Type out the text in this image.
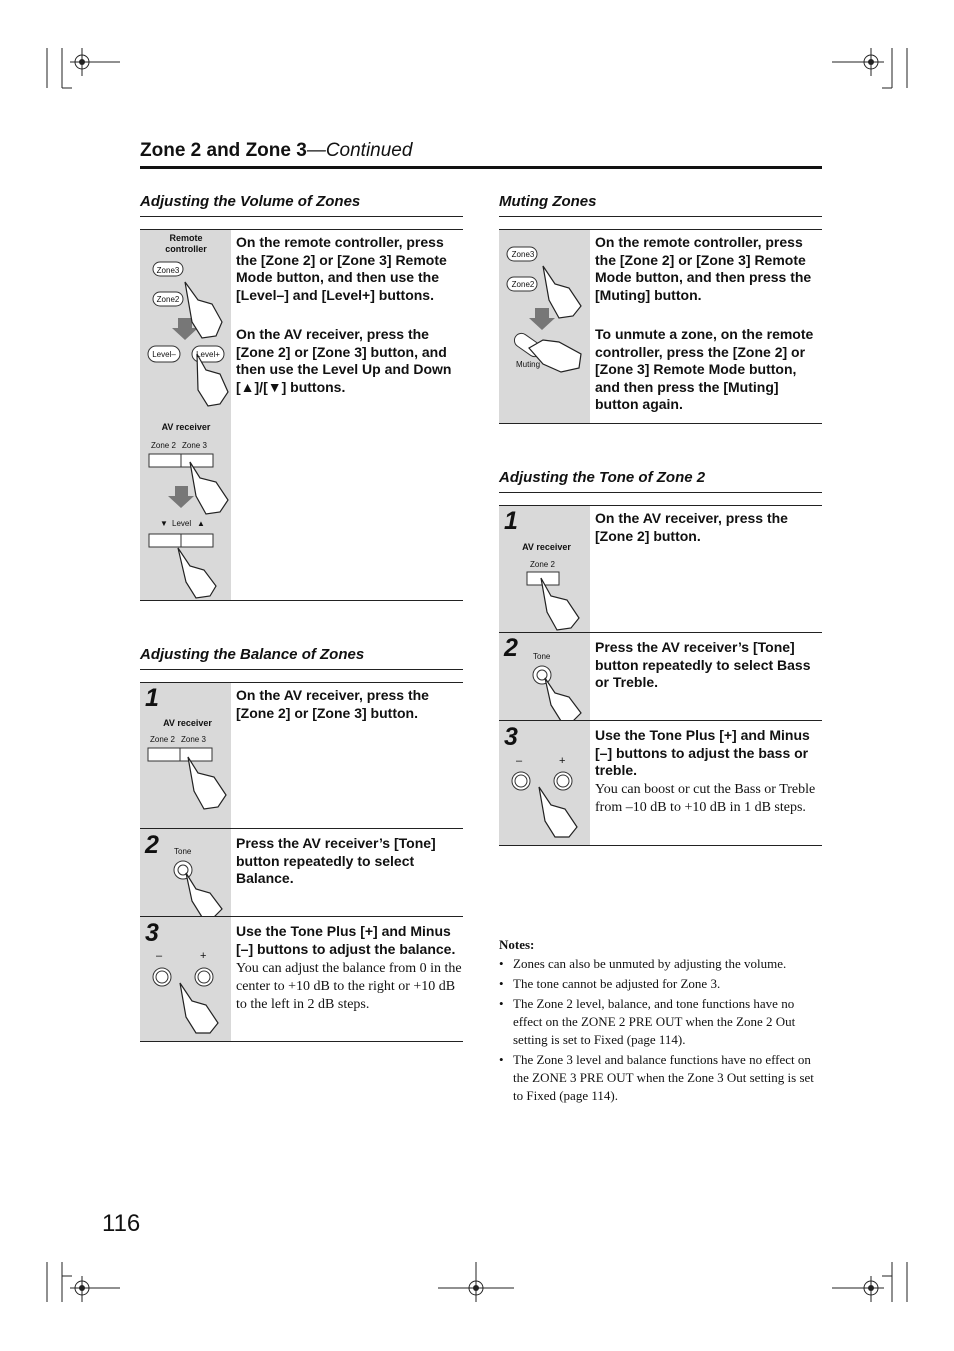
Zone 2 and Zone 3—Continued
Adjusting the Volume of Zones
Remote controller
Zone3
Zone2
Level–	Level+
AV receiver
Zone 2 Zone 3
▼ Level ▲
On the remote controller, press the [Zone 2] or [Zone 3] Remote Mode button, and then use the [Level–] and [Level+] buttons.
On the AV receiver, press the [Zone 2] or [Zone 3] button, and then use the Level Up and Down [▲]/[▼] buttons.
Adjusting the Balance of Zones
1
AV receiver
Zone 2 Zone 3
On the AV receiver, press the [Zone 2] or [Zone 3] button.
2 Tone
Press the AV receiver’s [Tone] button repeatedly to select Balance.
3
–	+
Use the Tone Plus [+] and Minus [–] buttons to adjust the balance.
You can adjust the balance from 0 in the center to +10 dB to the right or +10 dB to the left in 2 dB steps.
Muting Zones
Zone3
Zone2
Muting
On the remote controller, press the [Zone 2] or [Zone 3] Remote Mode button, and then press the [Muting] button.
To unmute a zone, on the remote controller, press the [Zone 2] or [Zone 3] Remote Mode button, and then press the [Muting] button again.
Adjusting the Tone of Zone 2
1
AV receiver
Zone 2
On the AV receiver, press the [Zone 2] button.
2 Tone
Press the AV receiver’s [Tone] button repeatedly to select Bass or Treble.
3
–	+
Use the Tone Plus [+] and Minus [–] buttons to adjust the bass or treble.
You can boost or cut the Bass or Treble from –10 dB to +10 dB in 1 dB steps.
Notes:
• Zones can also be unmuted by adjusting the volume.
• The tone cannot be adjusted for Zone 3.
• The Zone 2 level, balance, and tone functions have no effect on the ZONE 2 PRE OUT when the Zone 2 Out setting is set to Fixed (page 114).
• The Zone 3 level and balance functions have no effect on the ZONE 3 PRE OUT when the Zone 3 Out setting is set to Fixed (page 114).
116
